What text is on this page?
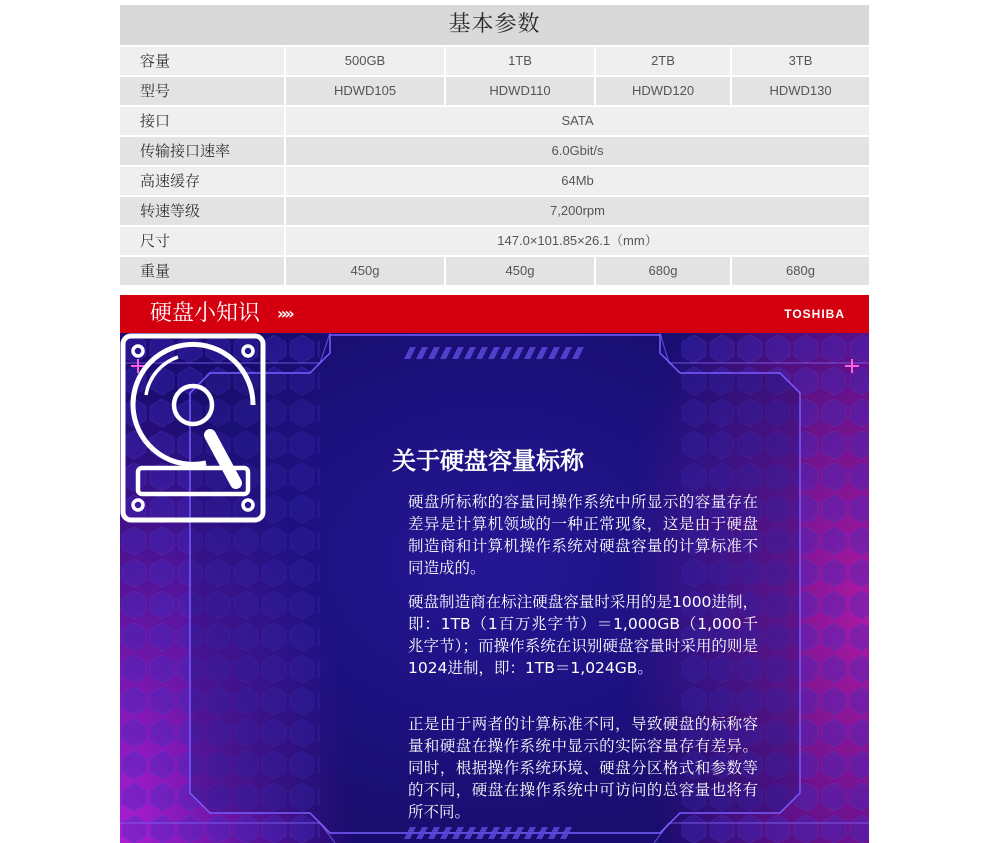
基本参数
容量	500GB	1TB	2TB	3TB
型号	HDWD105	HDWD110	HDWD120	HDWD130
接口	SATA
传输接口速率	6.0Gbit/s
高速缓存	64Mb
转速等级	7,200rpm
尺寸	147.0×101.85×26.1（mm）
重量	450g	450g	680g	680g
硬盘小知识 »»	TOSHIBA
关于硬盘容量标称
硬盘所标称的容量同操作系统中所显示的容量存在差异是计算机领域的一种正常现象，这是由于硬盘制造商和计算机操作系统对硬盘容量的计算标准不同造成的。
硬盘制造商在标注硬盘容量时采用的是1000进制，即：1TB（1百万兆字节）＝1,000GB（1,000千兆字节）；而操作系统在识别硬盘容量时采用的则是1024进制，即：1TB＝1,024GB。
正是由于两者的计算标准不同，导致硬盘的标称容量和硬盘在操作系统中显示的实际容量存有差异。同时，根据操作系统环境、硬盘分区格式和参数等的不同，硬盘在操作系统中可访问的总容量也将有所不同。
